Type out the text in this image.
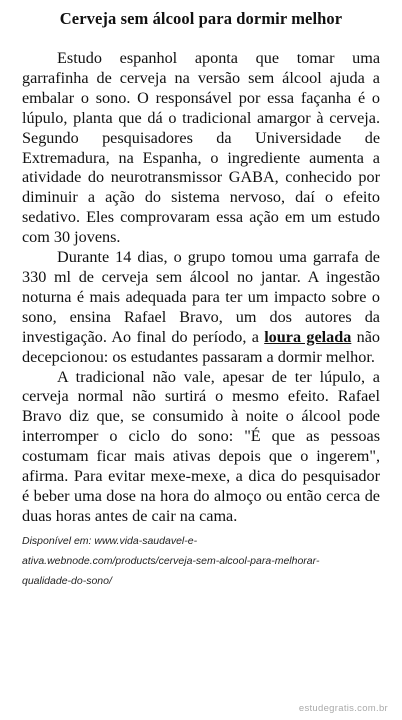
Cerveja sem álcool para dormir melhor

Estudo espanhol aponta que tomar uma garrafinha de cerveja na versão sem álcool ajuda a embalar o sono. O responsável por essa façanha é o lúpulo, planta que dá o tradicional amargor à cerveja. Segundo pesquisadores da Universidade de Extremadura, na Espanha, o ingrediente aumenta a atividade do neurotransmissor GABA, conhecido por diminuir a ação do sistema nervoso, daí o efeito sedativo. Eles comprovaram essa ação em um estudo com 30 jovens.

Durante 14 dias, o grupo tomou uma garrafa de 330 ml de cerveja sem álcool no jantar. A ingestão noturna é mais adequada para ter um impacto sobre o sono, ensina Rafael Bravo, um dos autores da investigação. Ao final do período, a loura gelada não decepcionou: os estudantes passaram a dormir melhor.

A tradicional não vale, apesar de ter lúpulo, a cerveja normal não surtirá o mesmo efeito. Rafael Bravo diz que, se consumido à noite o álcool pode interromper o ciclo do sono: "É que as pessoas costumam ficar mais ativas depois que o ingerem", afirma. Para evitar mexe-mexe, a dica do pesquisador é beber uma dose na hora do almoço ou então cerca de duas horas antes de cair na cama.

Disponível em: www.vida-saudavel-e-
ativa.webnode.com/products/cerveja-sem-alcool-para-melhorar-
qualidade-do-sono/
estudegratis.com.br
